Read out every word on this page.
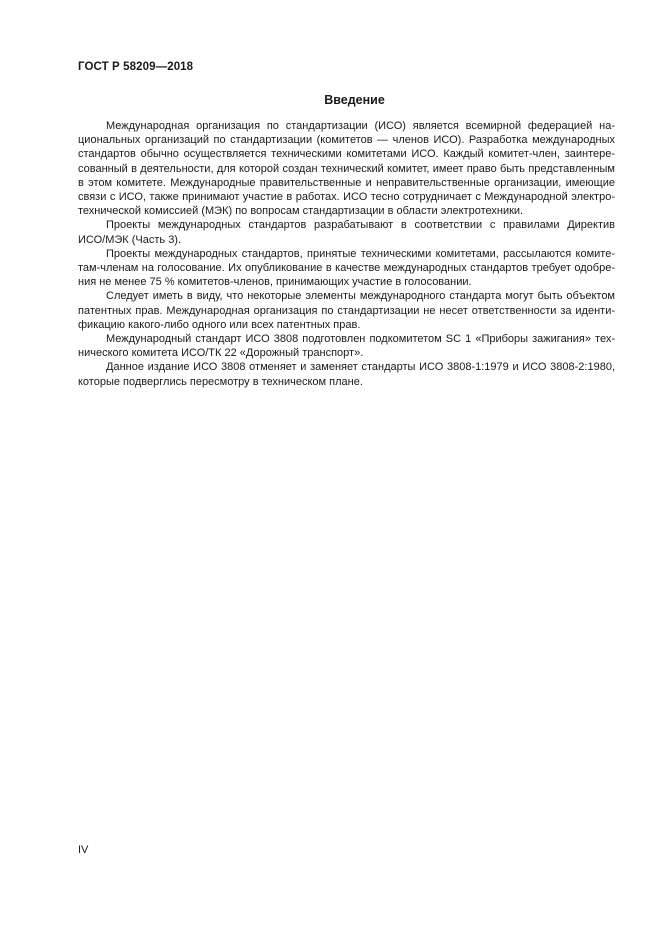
ГОСТ Р 58209—2018
Введение

Международная организация по стандартизации (ИСО) является всемирной федерацией на-
циональных организаций по стандартизации (комитетов — членов ИСО). Разработка международных
стандартов обычно осуществляется техническими комитетами ИСО. Каждый комитет-член, заинтере-
сованный в деятельности, для которой создан технический комитет, имеет право быть представленным
в этом комитете. Международные правительственные и неправительственные организации, имеющие
связи с ИСО, также принимают участие в работах. ИСО тесно сотрудничает с Международной электро-
технической комиссией (МЭК) по вопросам стандартизации в области электротехники.

Проекты международных стандартов разрабатывают в соответствии с правилами Директив
ИСО/МЭК (Часть 3).

Проекты международных стандартов, принятые техническими комитетами, рассылаются комите-
там-членам на голосование. Их опубликование в качестве международных стандартов требует одобре-
ния не менее 75 % комитетов-членов, принимающих участие в голосовании.

Следует иметь в виду, что некоторые элементы международного стандарта могут быть объектом
патентных прав. Международная организация по стандартизации не несет ответственности за иденти-
фикацию какого-либо одного или всех патентных прав.

Международный стандарт ИСО 3808 подготовлен подкомитетом SC 1 «Приборы зажигания» тех-
нического комитета ИСО/ТК 22 «Дорожный транспорт».

Данное издание ИСО 3808 отменяет и заменяет стандарты ИСО 3808-1:1979 и ИСО 3808-2:1980,
которые подверглись пересмотру в техническом плане.

IV
